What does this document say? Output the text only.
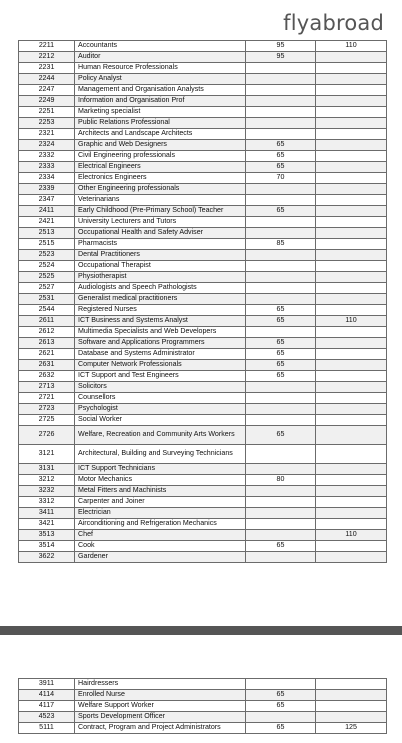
flyabroad
2211	Accountants	95	110
2212	Auditor	95	
2231	Human Resource Professionals		
2244	Policy Analyst		
2247	Management and Organisation Analysts		
2249	Information and Organisation Prof		
2251	Marketing specialist		
2253	Public Relations Professional		
2321	Architects and Landscape Architects		
2324	Graphic and Web Designers	65	
2332	Civil Engineering professionals	65	
2333	Electrical Engineers	65	
2334	Electronics Engineers	70	
2339	Other Engineering professionals		
2347	Veterinarians		
2411	Early Childhood (Pre-Primary School) Teacher	65	
2421	University Lecturers and Tutors		
2513	Occupational Health and Safety Adviser		
2515	Pharmacists	85	
2523	Dental Practitioners		
2524	Occupational Therapist		
2525	Physiotherapist		
2527	Audiologists and Speech Pathologists		
2531	Generalist medical practitioners		
2544	Registered Nurses	65	
2611	ICT Business and Systems Analyst	65	110
2612	Multimedia Specialists and Web Developers		
2613	Software and Applications Programmers	65	
2621	Database and Systems Administrator	65	
2631	Computer Network Professionals	65	
2632	ICT Support and Test Engineers	65	
2713	Solicitors		
2721	Counsellors		
2723	Psychologist		
2725	Social Worker		
2726	Welfare, Recreation and Community Arts Workers	65	
3121	Architectural, Building and Surveying Technicians		
3131	ICT Support Technicians		
3212	Motor Mechanics	80	
3232	Metal Fitters and Machinists		
3312	Carpenter and Joiner		
3411	Electrician		
3421	Airconditioning and Refrigeration Mechanics		
3513	Chef		110
3514	Cook	65	
3622	Gardener		
3911	Hairdressers		
4114	Enrolled Nurse	65	
4117	Welfare Support Worker	65	
4523	Sports Development Officer		
5111	Contract, Program and Project Administrators	65	125
